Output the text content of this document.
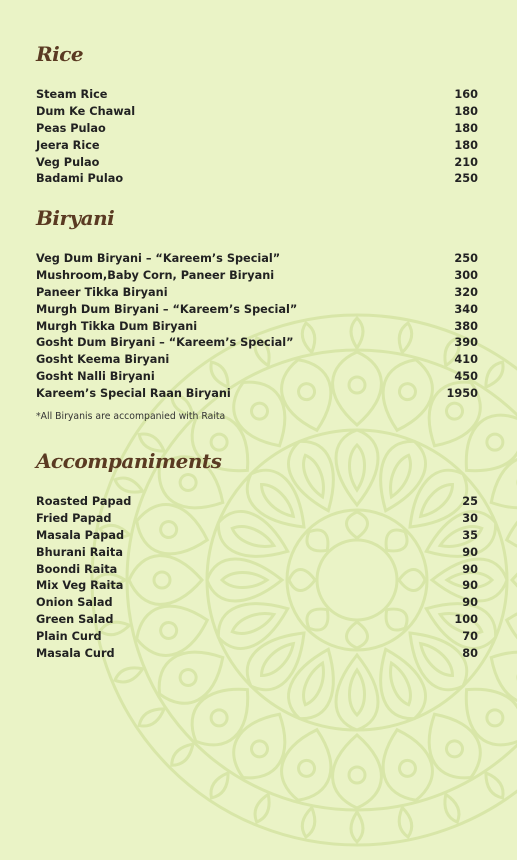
Rice
Steam Rice	160
Dum Ke Chawal	180
Peas Pulao	180
Jeera Rice	180
Veg Pulao	210
Badami Pulao	250
Biryani
Veg Dum Biryani – “Kareem’s Special”	250
Mushroom,Baby Corn, Paneer Biryani	300
Paneer Tikka Biryani	320
Murgh Dum Biryani – “Kareem’s Special”	340
Murgh Tikka Dum Biryani	380
Gosht Dum Biryani – “Kareem’s Special”	390
Gosht Keema Biryani	410
Gosht Nalli Biryani	450
Kareem’s Special Raan Biryani	1950
*All Biryanis are accompanied with Raita
Accompaniments
Roasted Papad	25
Fried Papad	30
Masala Papad	35
Bhurani Raita	90
Boondi Raita	90
Mix Veg Raita	90
Onion Salad	90
Green Salad	100
Plain Curd	70
Masala Curd	80
